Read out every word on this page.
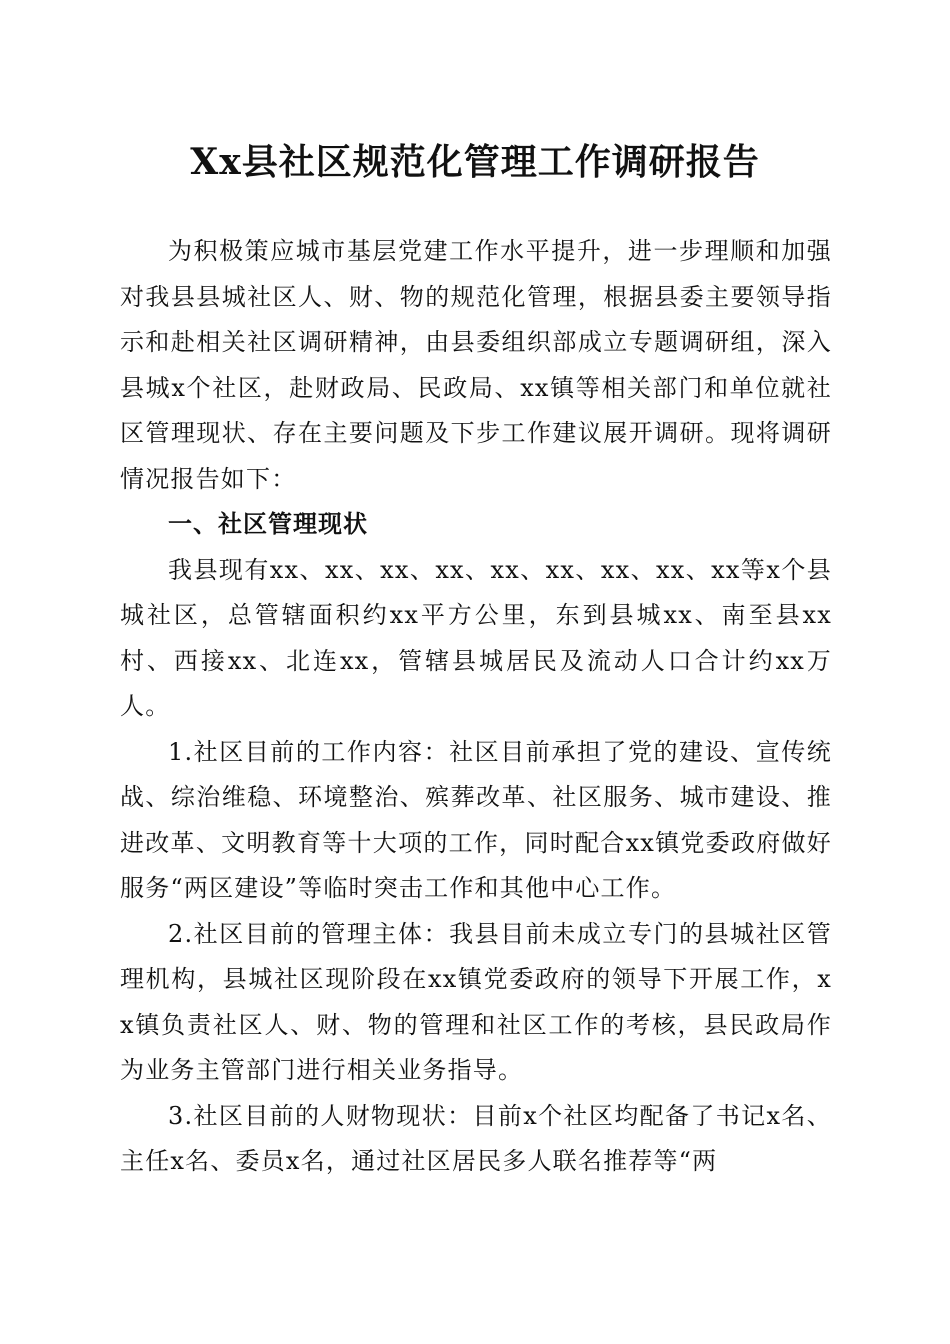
Xx县社区规范化管理工作调研报告

为积极策应城市基层党建工作水平提升，进一步理顺和加强对我县县城社区人、财、物的规范化管理，根据县委主要领导指示和赴相关社区调研精神，由县委组织部成立专题调研组，深入县城x个社区，赴财政局、民政局、xx镇等相关部门和单位就社区管理现状、存在主要问题及下步工作建议展开调研。现将调研情况报告如下：

一、社区管理现状

我县现有xx、xx、xx、xx、xx、xx、xx、xx、xx等x个县城社区，总管辖面积约xx平方公里，东到县城xx、南至县xx村、西接xx、北连xx，管辖县城居民及流动人口合计约xx万人。

1.社区目前的工作内容：社区目前承担了党的建设、宣传统战、综治维稳、环境整治、殡葬改革、社区服务、城市建设、推进改革、文明教育等十大项的工作，同时配合xx镇党委政府做好服务“两区建设”等临时突击工作和其他中心工作。

2.社区目前的管理主体：我县目前未成立专门的县城社区管理机构，县城社区现阶段在xx镇党委政府的领导下开展工作，xx镇负责社区人、财、物的管理和社区工作的考核，县民政局作为业务主管部门进行相关业务指导。

3.社区目前的人财物现状：目前x个社区均配备了书记x名、主任x名、委员x名，通过社区居民多人联名推荐等“两
